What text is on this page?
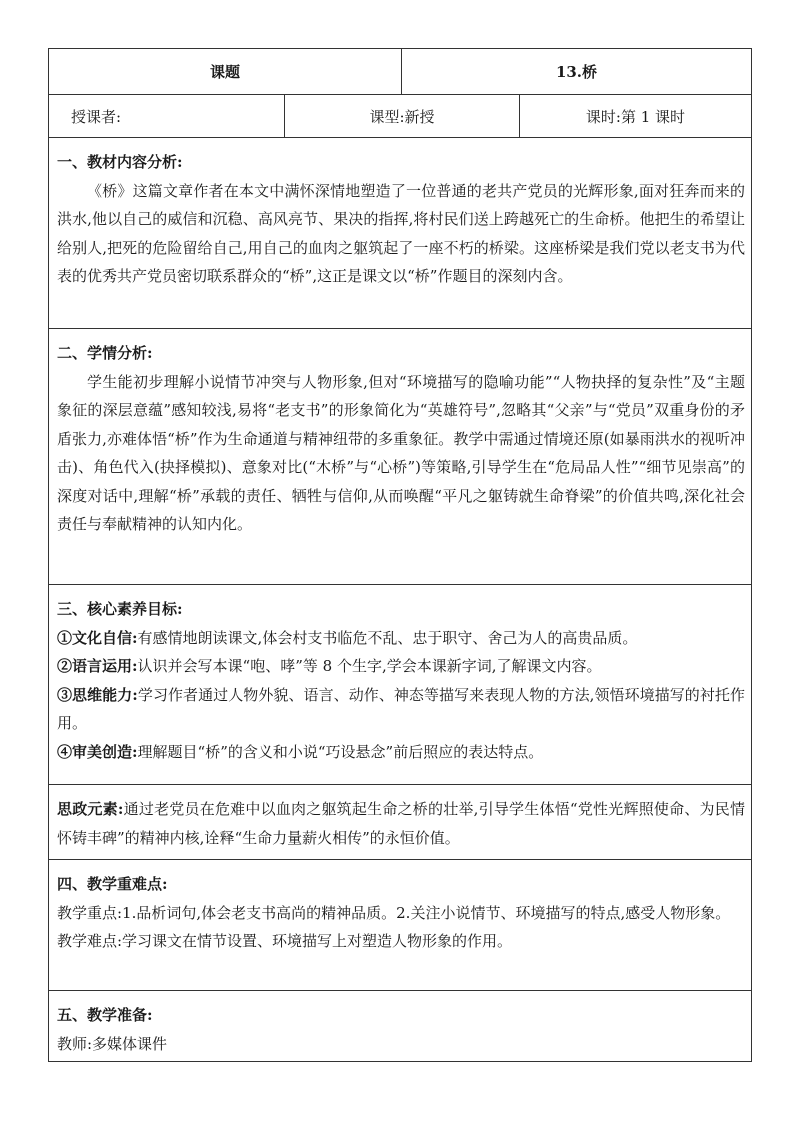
课题	13.桥
授课者:	课型:新授	课时:第 1 课时

一、教材内容分析:

《桥》这篇文章作者在本文中满怀深情地塑造了一位普通的老共产党员的光辉形象,面对狂奔而来的洪水,他以自己的威信和沉稳、高风亮节、果决的指挥,将村民们送上跨越死亡的生命桥。他把生的希望让给别人,把死的危险留给自己,用自己的血肉之躯筑起了一座不朽的桥梁。这座桥梁是我们党以老支书为代表的优秀共产党员密切联系群众的“桥”,这正是课文以“桥”作题目的深刻内含。

二、学情分析:

学生能初步理解小说情节冲突与人物形象,但对“环境描写的隐喻功能”“人物抉择的复杂性”及“主题象征的深层意蕴”感知较浅,易将“老支书”的形象简化为“英雄符号”,忽略其“父亲”与“党员”双重身份的矛盾张力,亦难体悟“桥”作为生命通道与精神纽带的多重象征。教学中需通过情境还原(如暴雨洪水的视听冲击)、角色代入(抉择模拟)、意象对比(“木桥”与“心桥”)等策略,引导学生在“危局品人性”“细节见崇高”的深度对话中,理解“桥”承载的责任、牺牲与信仰,从而唤醒“平凡之躯铸就生命脊梁”的价值共鸣,深化社会责任与奉献精神的认知内化。

三、核心素养目标:

①文化自信:有感情地朗读课文,体会村支书临危不乱、忠于职守、舍己为人的高贵品质。

②语言运用:认识并会写本课“咆、哮”等 8 个生字,学会本课新字词,了解课文内容。

③思维能力:学习作者通过人物外貌、语言、动作、神态等描写来表现人物的方法,领悟环境描写的衬托作用。

④审美创造:理解题目“桥”的含义和小说“巧设悬念”前后照应的表达特点。

思政元素:通过老党员在危难中以血肉之躯筑起生命之桥的壮举,引导学生体悟“党性光辉照使命、为民情怀铸丰碑”的精神内核,诠释“生命力量薪火相传”的永恒价值。

四、教学重难点:

教学重点:1.品析词句,体会老支书高尚的精神品质。2.关注小说情节、环境描写的特点,感受人物形象。

教学难点:学习课文在情节设置、环境描写上对塑造人物形象的作用。

五、教学准备:

教师:多媒体课件
